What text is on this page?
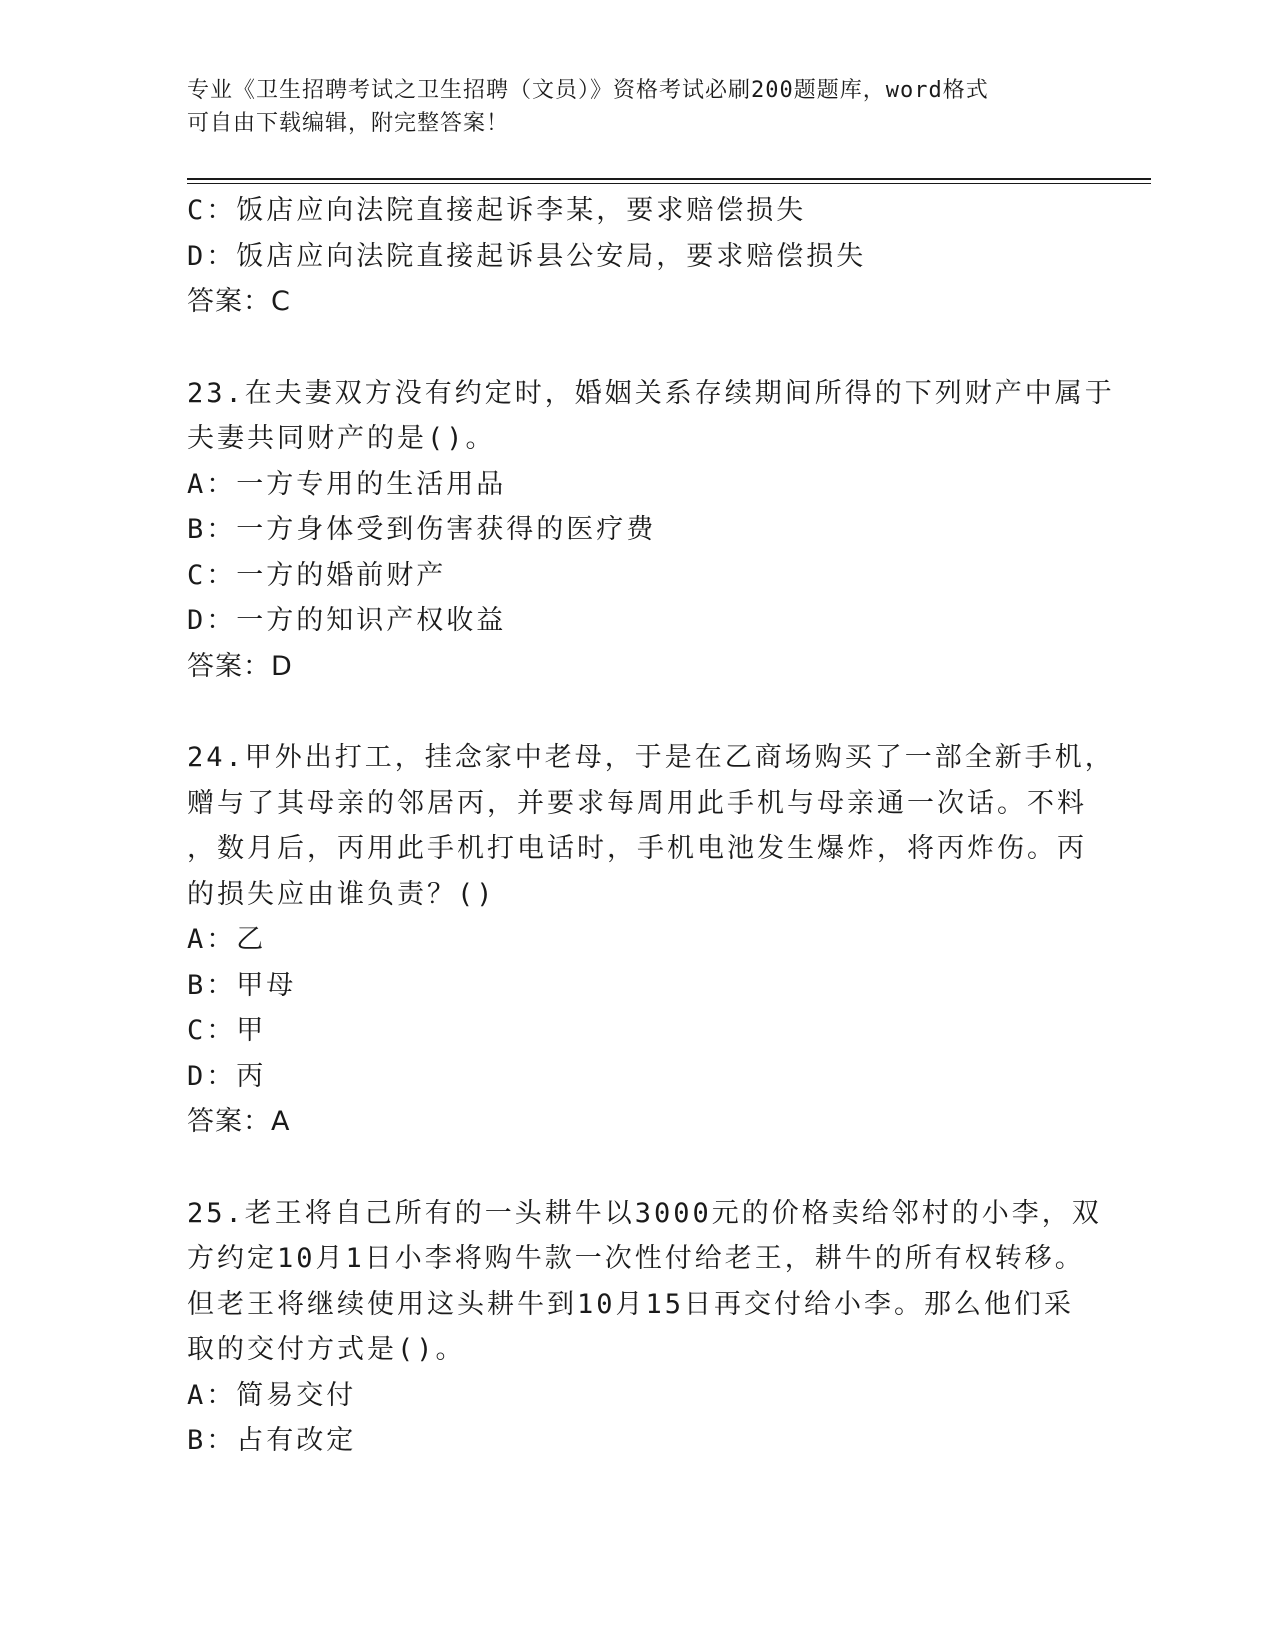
专业《卫生招聘考试之卫生招聘（文员）》资格考试必刷200题题库，word格式
可自由下载编辑，附完整答案！
C：饭店应向法院直接起诉李某，要求赔偿损失
D：饭店应向法院直接起诉县公安局，要求赔偿损失
答案：C
23.在夫妻双方没有约定时，婚姻关系存续期间所得的下列财产中属于
夫妻共同财产的是()。
A：一方专用的生活用品
B：一方身体受到伤害获得的医疗费
C：一方的婚前财产
D：一方的知识产权收益
答案：D
24.甲外出打工，挂念家中老母，于是在乙商场购买了一部全新手机，
赠与了其母亲的邻居丙，并要求每周用此手机与母亲通一次话。不料
，数月后，丙用此手机打电话时，手机电池发生爆炸，将丙炸伤。丙
的损失应由谁负责？()
A：乙
B：甲母
C：甲
D：丙
答案：A
25.老王将自己所有的一头耕牛以3000元的价格卖给邻村的小李，双
方约定10月1日小李将购牛款一次性付给老王，耕牛的所有权转移。
但老王将继续使用这头耕牛到10月15日再交付给小李。那么他们采
取的交付方式是()。
A：简易交付
B：占有改定
